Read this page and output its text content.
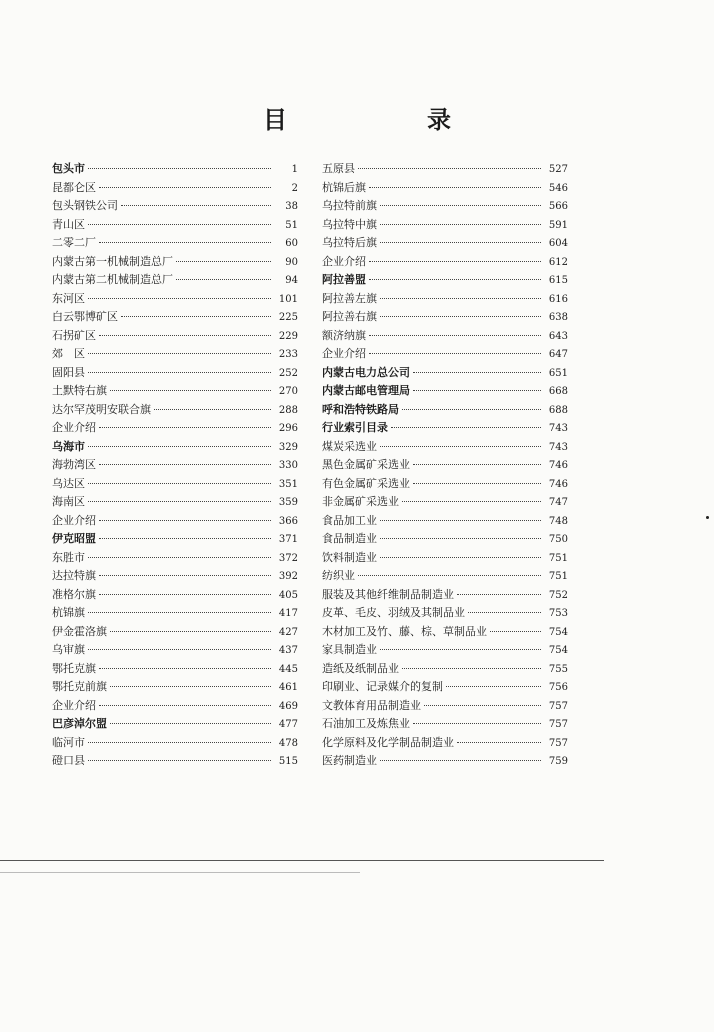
目　录
包头市	1
昆都仑区	2
包头钢铁公司	38
青山区	51
二零二厂	60
内蒙古第一机械制造总厂	90
内蒙古第二机械制造总厂	94
东河区	101
白云鄂博矿区	225
石拐矿区	229
郊　区	233
固阳县	252
土默特右旗	270
达尔罕茂明安联合旗	288
企业介绍	296
乌海市	329
海勃湾区	330
乌达区	351
海南区	359
企业介绍	366
伊克昭盟	371
东胜市	372
达拉特旗	392
准格尔旗	405
杭锦旗	417
伊金霍洛旗	427
乌审旗	437
鄂托克旗	445
鄂托克前旗	461
企业介绍	469
巴彦淖尔盟	477
临河市	478
磴口县	515
五原县	527
杭锦后旗	546
乌拉特前旗	566
乌拉特中旗	591
乌拉特后旗	604
企业介绍	612
阿拉善盟	615
阿拉善左旗	616
阿拉善右旗	638
额济纳旗	643
企业介绍	647
内蒙古电力总公司	651
内蒙古邮电管理局	668
呼和浩特铁路局	688
行业索引目录	743
煤炭采选业	743
黑色金属矿采选业	746
有色金属矿采选业	746
非金属矿采选业	747
食品加工业	748
食品制造业	750
饮料制造业	751
纺织业	751
服装及其他纤维制品制造业	752
皮革、毛皮、羽绒及其制品业	753
木材加工及竹、藤、棕、草制品业	754
家具制造业	754
造纸及纸制品业	755
印刷业、记录媒介的复制	756
文教体育用品制造业	757
石油加工及炼焦业	757
化学原料及化学制品制造业	757
医药制造业	759
